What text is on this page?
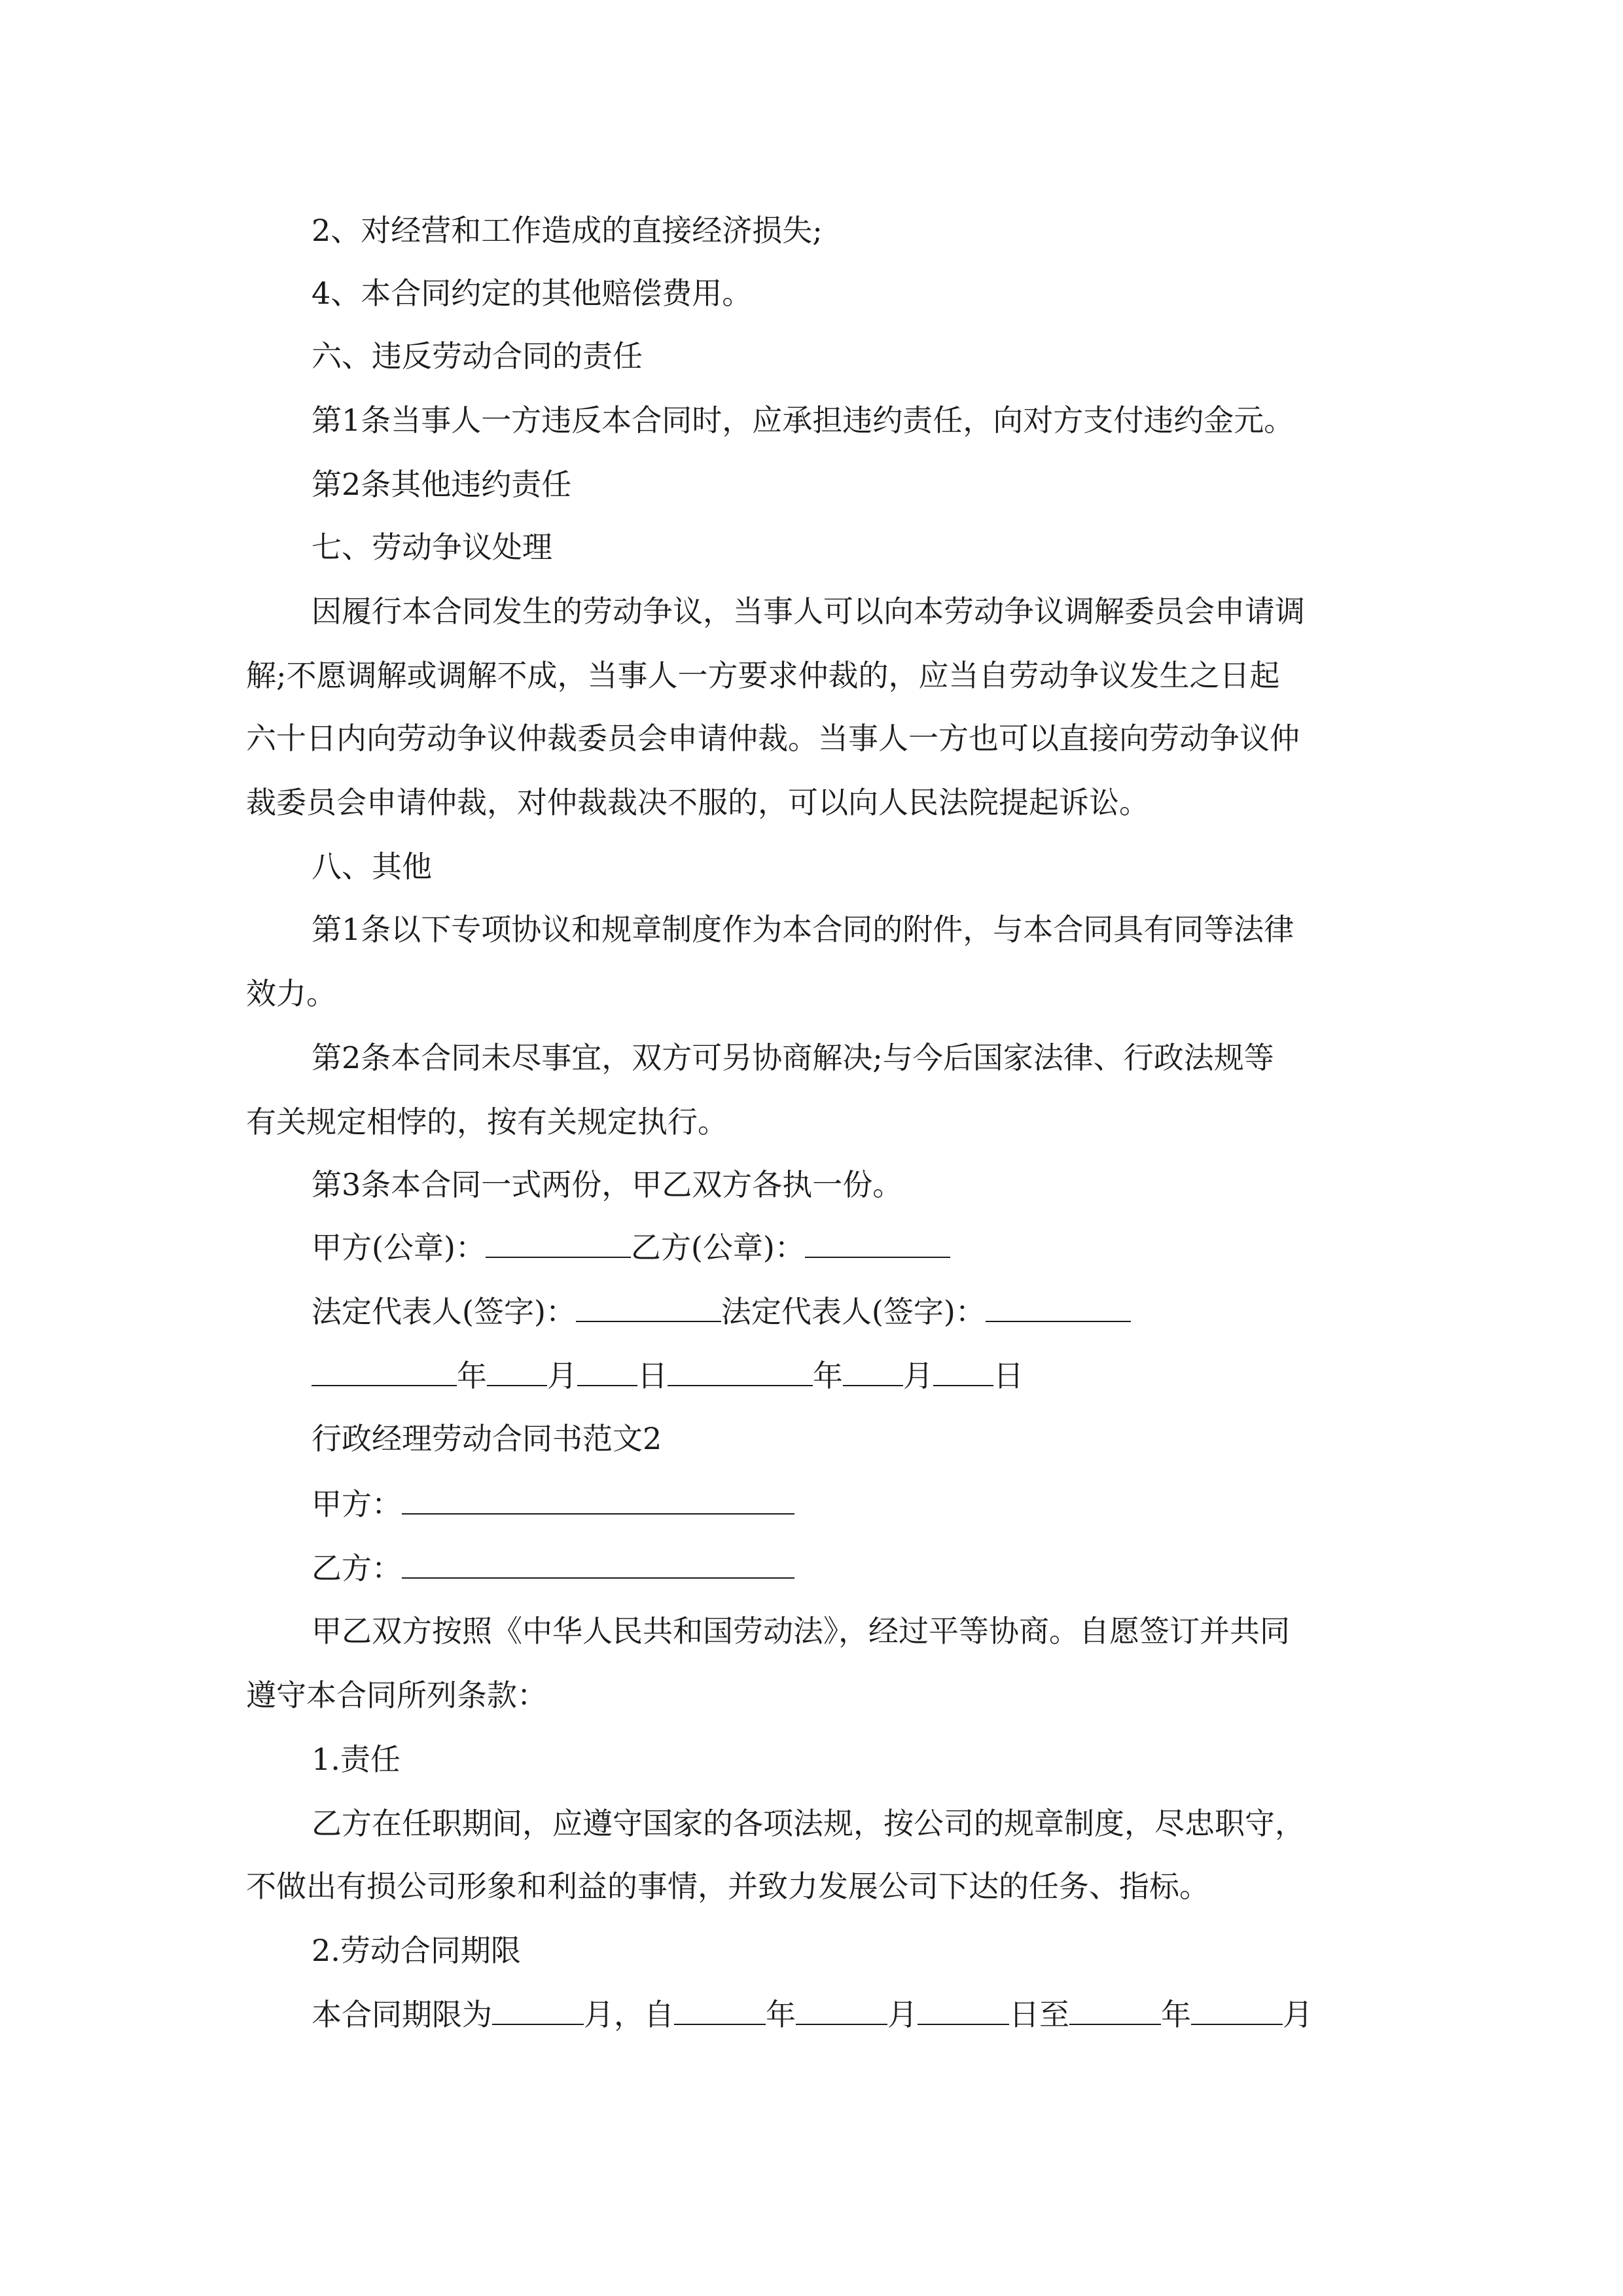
2、对经营和工作造成的直接经济损失;
4、本合同约定的其他赔偿费用。
六、违反劳动合同的责任
第1条当事人一方违反本合同时，应承担违约责任，向对方支付违约金元。
第2条其他违约责任
七、劳动争议处理
因履行本合同发生的劳动争议，当事人可以向本劳动争议调解委员会申请调
解;不愿调解或调解不成，当事人一方要求仲裁的，应当自劳动争议发生之日起
六十日内向劳动争议仲裁委员会申请仲裁。当事人一方也可以直接向劳动争议仲
裁委员会申请仲裁，对仲裁裁决不服的，可以向人民法院提起诉讼。
八、其他
第1条以下专项协议和规章制度作为本合同的附件，与本合同具有同等法律
效力。
第2条本合同未尽事宜，双方可另协商解决;与今后国家法律、行政法规等
有关规定相悖的，按有关规定执行。
第3条本合同一式两份，甲乙双方各执一份。
甲方(公章)：	乙方(公章)：
法定代表人(签字)：	法定代表人(签字)：
年 月 日	年 月 日
行政经理劳动合同书范文2
甲方：
乙方：
甲乙双方按照《中华人民共和国劳动法》，经过平等协商。自愿签订并共同
遵守本合同所列条款：
1.责任
乙方在任职期间，应遵守国家的各项法规，按公司的规章制度，尽忠职守，
不做出有损公司形象和利益的事情，并致力发展公司下达的任务、指标。
2.劳动合同期限
本合同期限为	月，自	年	月	日至	年	月
